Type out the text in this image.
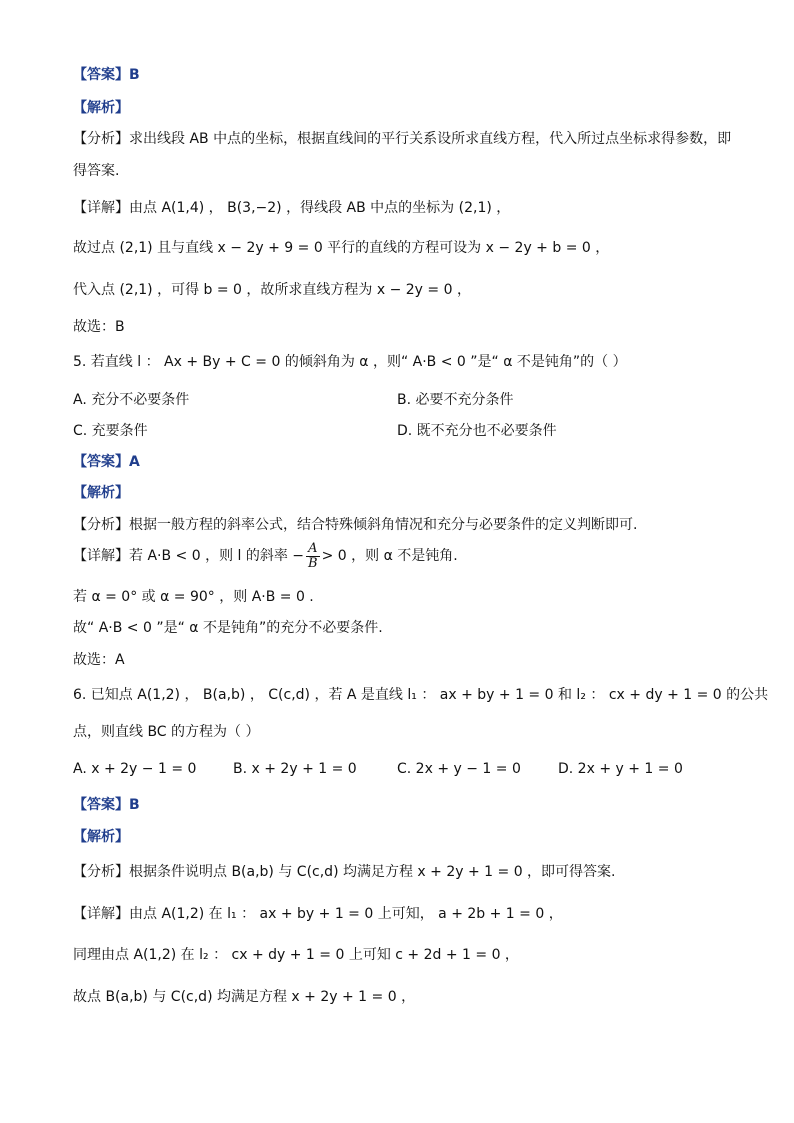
【答案】B
【解析】
【分析】求出线段 AB 中点的坐标，根据直线间的平行关系设所求直线方程，代入所过点坐标求得参数，即
得答案.
【详解】由点 A(1,4) ， B(3,−2) ，得线段 AB 中点的坐标为 (2,1) ，
故过点 (2,1) 且与直线 x − 2y + 9 = 0 平行的直线的方程可设为 x − 2y + b = 0 ，
代入点 (2,1) ，可得 b = 0 ，故所求直线方程为 x − 2y = 0 ，
故选：B
5. 若直线 l ： Ax + By + C = 0 的倾斜角为 α ，则“ A·B < 0 ”是“ α 不是钝角”的（ ）
A. 充分不必要条件	B. 必要不充分条件
C. 充要条件	D. 既不充分也不必要条件
【答案】A
【解析】
【分析】根据一般方程的斜率公式，结合特殊倾斜角情况和充分与必要条件的定义判断即可.
【详解】若 A·B < 0 ，则 l 的斜率 − $\frac{A}{B} > 0$ ，则 α 不是钝角.
若 α = 0° 或 α = 90° ，则 A·B = 0 .
故“ A·B < 0 ”是“ α 不是钝角”的充分不必要条件.
故选：A
6. 已知点 A(1,2) ， B(a,b) ， C(c,d) ，若 A 是直线 l₁ ： ax + by + 1 = 0 和 l₂ ： cx + dy + 1 = 0 的公共
点，则直线 BC 的方程为（ ）
A. x + 2y − 1 = 0	B. x + 2y + 1 = 0	C. 2x + y − 1 = 0	D. 2x + y + 1 = 0
【答案】B
【解析】
【分析】根据条件说明点 B(a,b) 与 C(c,d) 均满足方程 x + 2y + 1 = 0 ，即可得答案.
【详解】由点 A(1,2) 在 l₁ ： ax + by + 1 = 0 上可知， a + 2b + 1 = 0 ，
同理由点 A(1,2) 在 l₂ ： cx + dy + 1 = 0 上可知 c + 2d + 1 = 0 ，
故点 B(a,b) 与 C(c,d) 均满足方程 x + 2y + 1 = 0 ，
